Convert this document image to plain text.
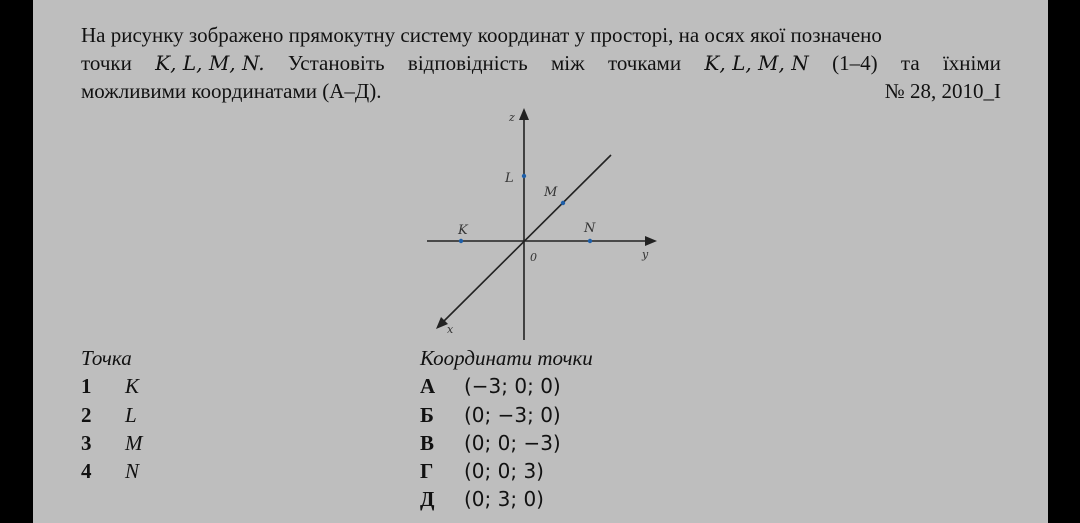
На рисунку зображено прямокутну систему координат у просторі, на осях якої позначено
точки K, L, M, N. Установіть відповідність між точками K, L, M, N (1–4) та їхніми
можливими координатами (А–Д).	№ 28, 2010_I
z
y
x
0
L
M
K	N
Точка
1 K
2 L
3 M
4 N
Координати точки
А (−3; 0; 0)
Б (0; −3; 0)
В (0; 0; −3)
Г (0; 0; 3)
Д (0; 3; 0)
